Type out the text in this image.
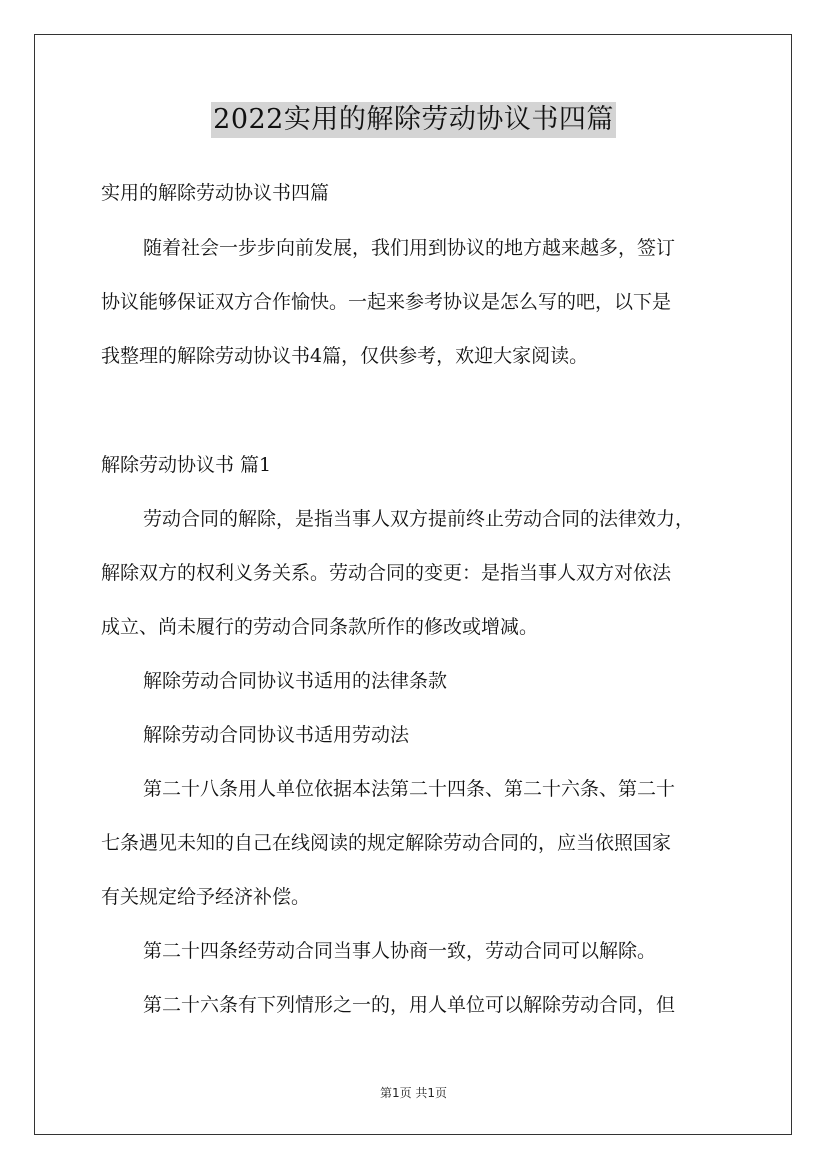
2022实用的解除劳动协议书四篇
实用的解除劳动协议书四篇
随着社会一步步向前发展，我们用到协议的地方越来越多，签订
协议能够保证双方合作愉快。一起来参考协议是怎么写的吧，以下是
我整理的解除劳动协议书4篇，仅供参考，欢迎大家阅读。
解除劳动协议书 篇1
劳动合同的解除，是指当事人双方提前终止劳动合同的法律效力，
解除双方的权利义务关系。劳动合同的变更：是指当事人双方对依法
成立、尚未履行的劳动合同条款所作的修改或增减。
解除劳动合同协议书适用的法律条款
解除劳动合同协议书适用劳动法
第二十八条用人单位依据本法第二十四条、第二十六条、第二十
七条遇见未知的自己在线阅读的规定解除劳动合同的，应当依照国家
有关规定给予经济补偿。
第二十四条经劳动合同当事人协商一致，劳动合同可以解除。
第二十六条有下列情形之一的，用人单位可以解除劳动合同，但
第1页 共1页
